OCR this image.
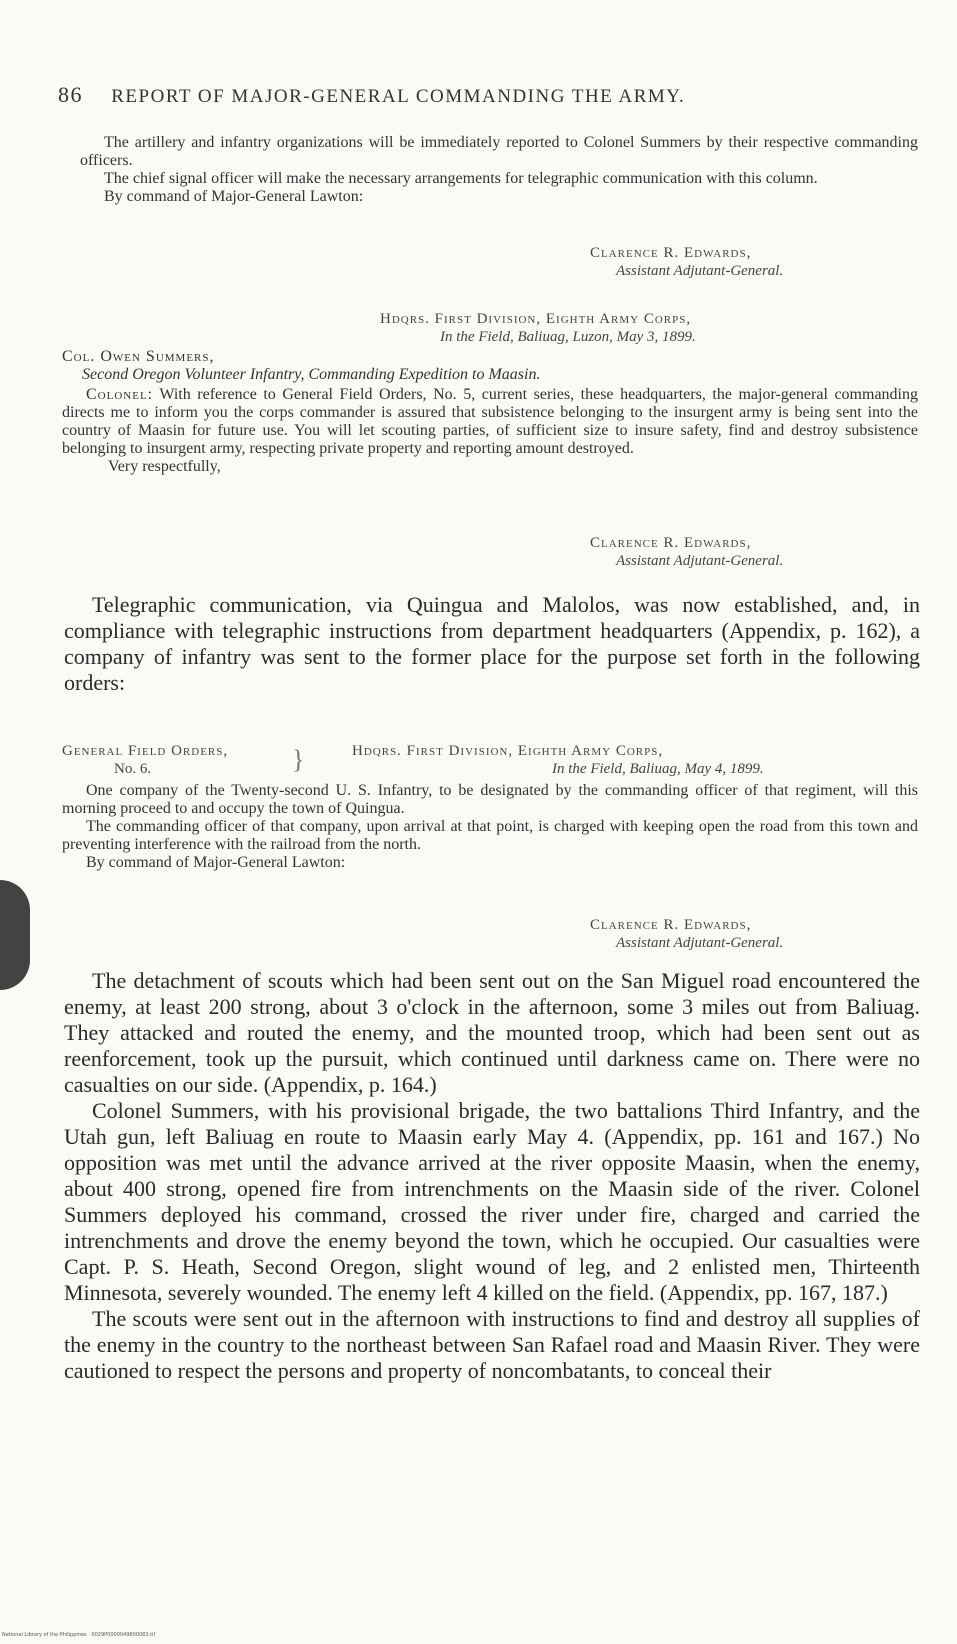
86 REPORT OF MAJOR-GENERAL COMMANDING THE ARMY.

The artillery and infantry organizations will be immediately reported to Colonel Summers by their respective commanding officers.

The chief signal officer will make the necessary arrangements for telegraphic communication with this column.

By command of Major-General Lawton:

Clarence R. Edwards,
Assistant Adjutant-General.
Hdqrs. First Division, Eighth Army Corps,
In the Field, Baliuag, Luzon, May 3, 1899.

Col. Owen Summers,

Second Oregon Volunteer Infantry, Commanding Expedition to Maasin.

Colonel: With reference to General Field Orders, No. 5, current series, these headquarters, the major-general commanding directs me to inform you the corps commander is assured that subsistence belonging to the insurgent army is being sent into the country of Maasin for future use. You will let scouting parties, of sufficient size to insure safety, find and destroy subsistence belonging to insurgent army, respecting private property and reporting amount destroyed.

Very respectfully,

Clarence R. Edwards,
Assistant Adjutant-General.

Telegraphic communication, via Quingua and Malolos, was now established, and, in compliance with telegraphic instructions from department headquarters (Appendix, p. 162), a company of infantry was sent to the former place for the purpose set forth in the following orders:

General Field Orders,
No. 6.	}	Hdqrs. First Division, Eighth Army Corps,
In the Field, Baliuag, May 4, 1899.

One company of the Twenty-second U. S. Infantry, to be designated by the commanding officer of that regiment, will this morning proceed to and occupy the town of Quingua.

The commanding officer of that company, upon arrival at that point, is charged with keeping open the road from this town and preventing interference with the railroad from the north.

By command of Major-General Lawton:

Clarence R. Edwards,
Assistant Adjutant-General.

The detachment of scouts which had been sent out on the San Miguel road encountered the enemy, at least 200 strong, about 3 o'clock in the afternoon, some 3 miles out from Baliuag. They attacked and routed the enemy, and the mounted troop, which had been sent out as reenforcement, took up the pursuit, which continued until darkness came on. There were no casualties on our side. (Appendix, p. 164.)

Colonel Summers, with his provisional brigade, the two battalions Third Infantry, and the Utah gun, left Baliuag en route to Maasin early May 4. (Appendix, pp. 161 and 167.) No opposition was met until the advance arrived at the river opposite Maasin, when the enemy, about 400 strong, opened fire from intrenchments on the Maasin side of the river. Colonel Summers deployed his command, crossed the river under fire, charged and carried the intrenchments and drove the enemy beyond the town, which he occupied. Our casualties were Capt. P. S. Heath, Second Oregon, slight wound of leg, and 2 enlisted men, Thirteenth Minnesota, severely wounded. The enemy left 4 killed on the field. (Appendix, pp. 167, 187.)

The scouts were sent out in the afternoon with instructions to find and destroy all supplies of the enemy in the country to the northeast between San Rafael road and Maasin River. They were cautioned to respect the persons and property of noncombatants, to conceal their

National Library of the Philippines · 0029P0000049800083.tif
